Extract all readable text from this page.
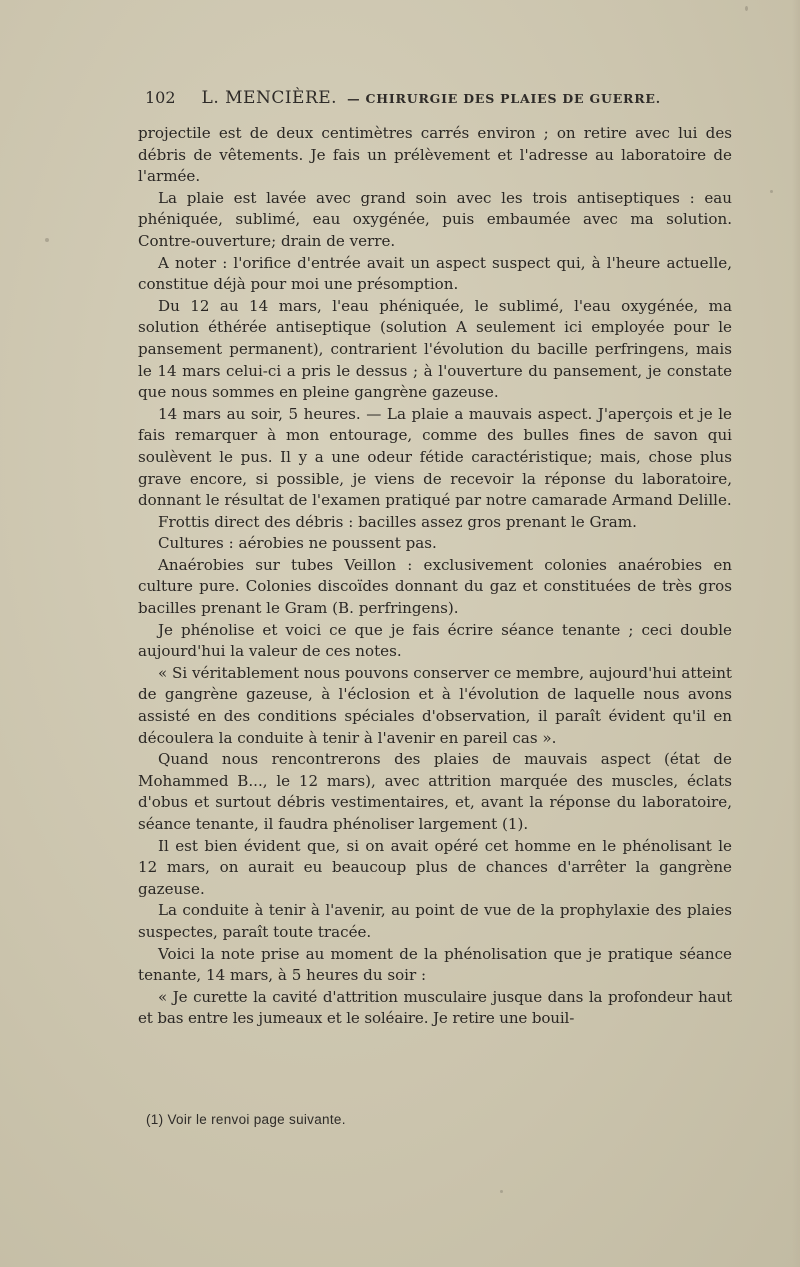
102 L. MENCIÈRE. — CHIRURGIE DES PLAIES DE GUERRE.

projectile est de deux centimètres carrés environ ; on retire avec lui des débris de vêtements. Je fais un prélèvement et l'adresse au laboratoire de l'armée.

La plaie est lavée avec grand soin avec les trois antiseptiques : eau phéniquée, sublimé, eau oxygénée, puis embaumée avec ma solution. Contre-ouverture; drain de verre.

A noter : l'orifice d'entrée avait un aspect suspect qui, à l'heure actuelle, constitue déjà pour moi une présomption.

Du 12 au 14 mars, l'eau phéniquée, le sublimé, l'eau oxygénée, ma solution éthérée antiseptique (solution A seulement ici employée pour le pansement permanent), contrarient l'évolution du bacille perfringens, mais le 14 mars celui-ci a pris le dessus ; à l'ouverture du pansement, je constate que nous sommes en pleine gangrène gazeuse.

14 mars au soir, 5 heures. — La plaie a mauvais aspect. J'aperçois et je le fais remarquer à mon entourage, comme des bulles fines de savon qui soulèvent le pus. Il y a une odeur fétide caractéristique; mais, chose plus grave encore, si possible, je viens de recevoir la réponse du laboratoire, donnant le résultat de l'examen pratiqué par notre camarade Armand Delille.

Frottis direct des débris : bacilles assez gros prenant le Gram.

Cultures : aérobies ne poussent pas.

Anaérobies sur tubes Veillon : exclusivement colonies anaérobies en culture pure. Colonies discoïdes donnant du gaz et constituées de très gros bacilles prenant le Gram (B. perfringens).

Je phénolise et voici ce que je fais écrire séance tenante ; ceci double aujourd'hui la valeur de ces notes.

« Si véritablement nous pouvons conserver ce membre, aujourd'hui atteint de gangrène gazeuse, à l'éclosion et à l'évolution de laquelle nous avons assisté en des conditions spéciales d'observation, il paraît évident qu'il en découlera la conduite à tenir à l'avenir en pareil cas ».

Quand nous rencontrerons des plaies de mauvais aspect (état de Mohammed B..., le 12 mars), avec attrition marquée des muscles, éclats d'obus et surtout débris vestimentaires, et, avant la réponse du laboratoire, séance tenante, il faudra phénoliser largement (1).

Il est bien évident que, si on avait opéré cet homme en le phénolisant le 12 mars, on aurait eu beaucoup plus de chances d'arrêter la gangrène gazeuse.

La conduite à tenir à l'avenir, au point de vue de la prophylaxie des plaies suspectes, paraît toute tracée.

Voici la note prise au moment de la phénolisation que je pratique séance tenante, 14 mars, à 5 heures du soir :

« Je curette la cavité d'attrition musculaire jusque dans la profondeur haut et bas entre les jumeaux et le soléaire. Je retire une bouil-

(1) Voir le renvoi page suivante.
